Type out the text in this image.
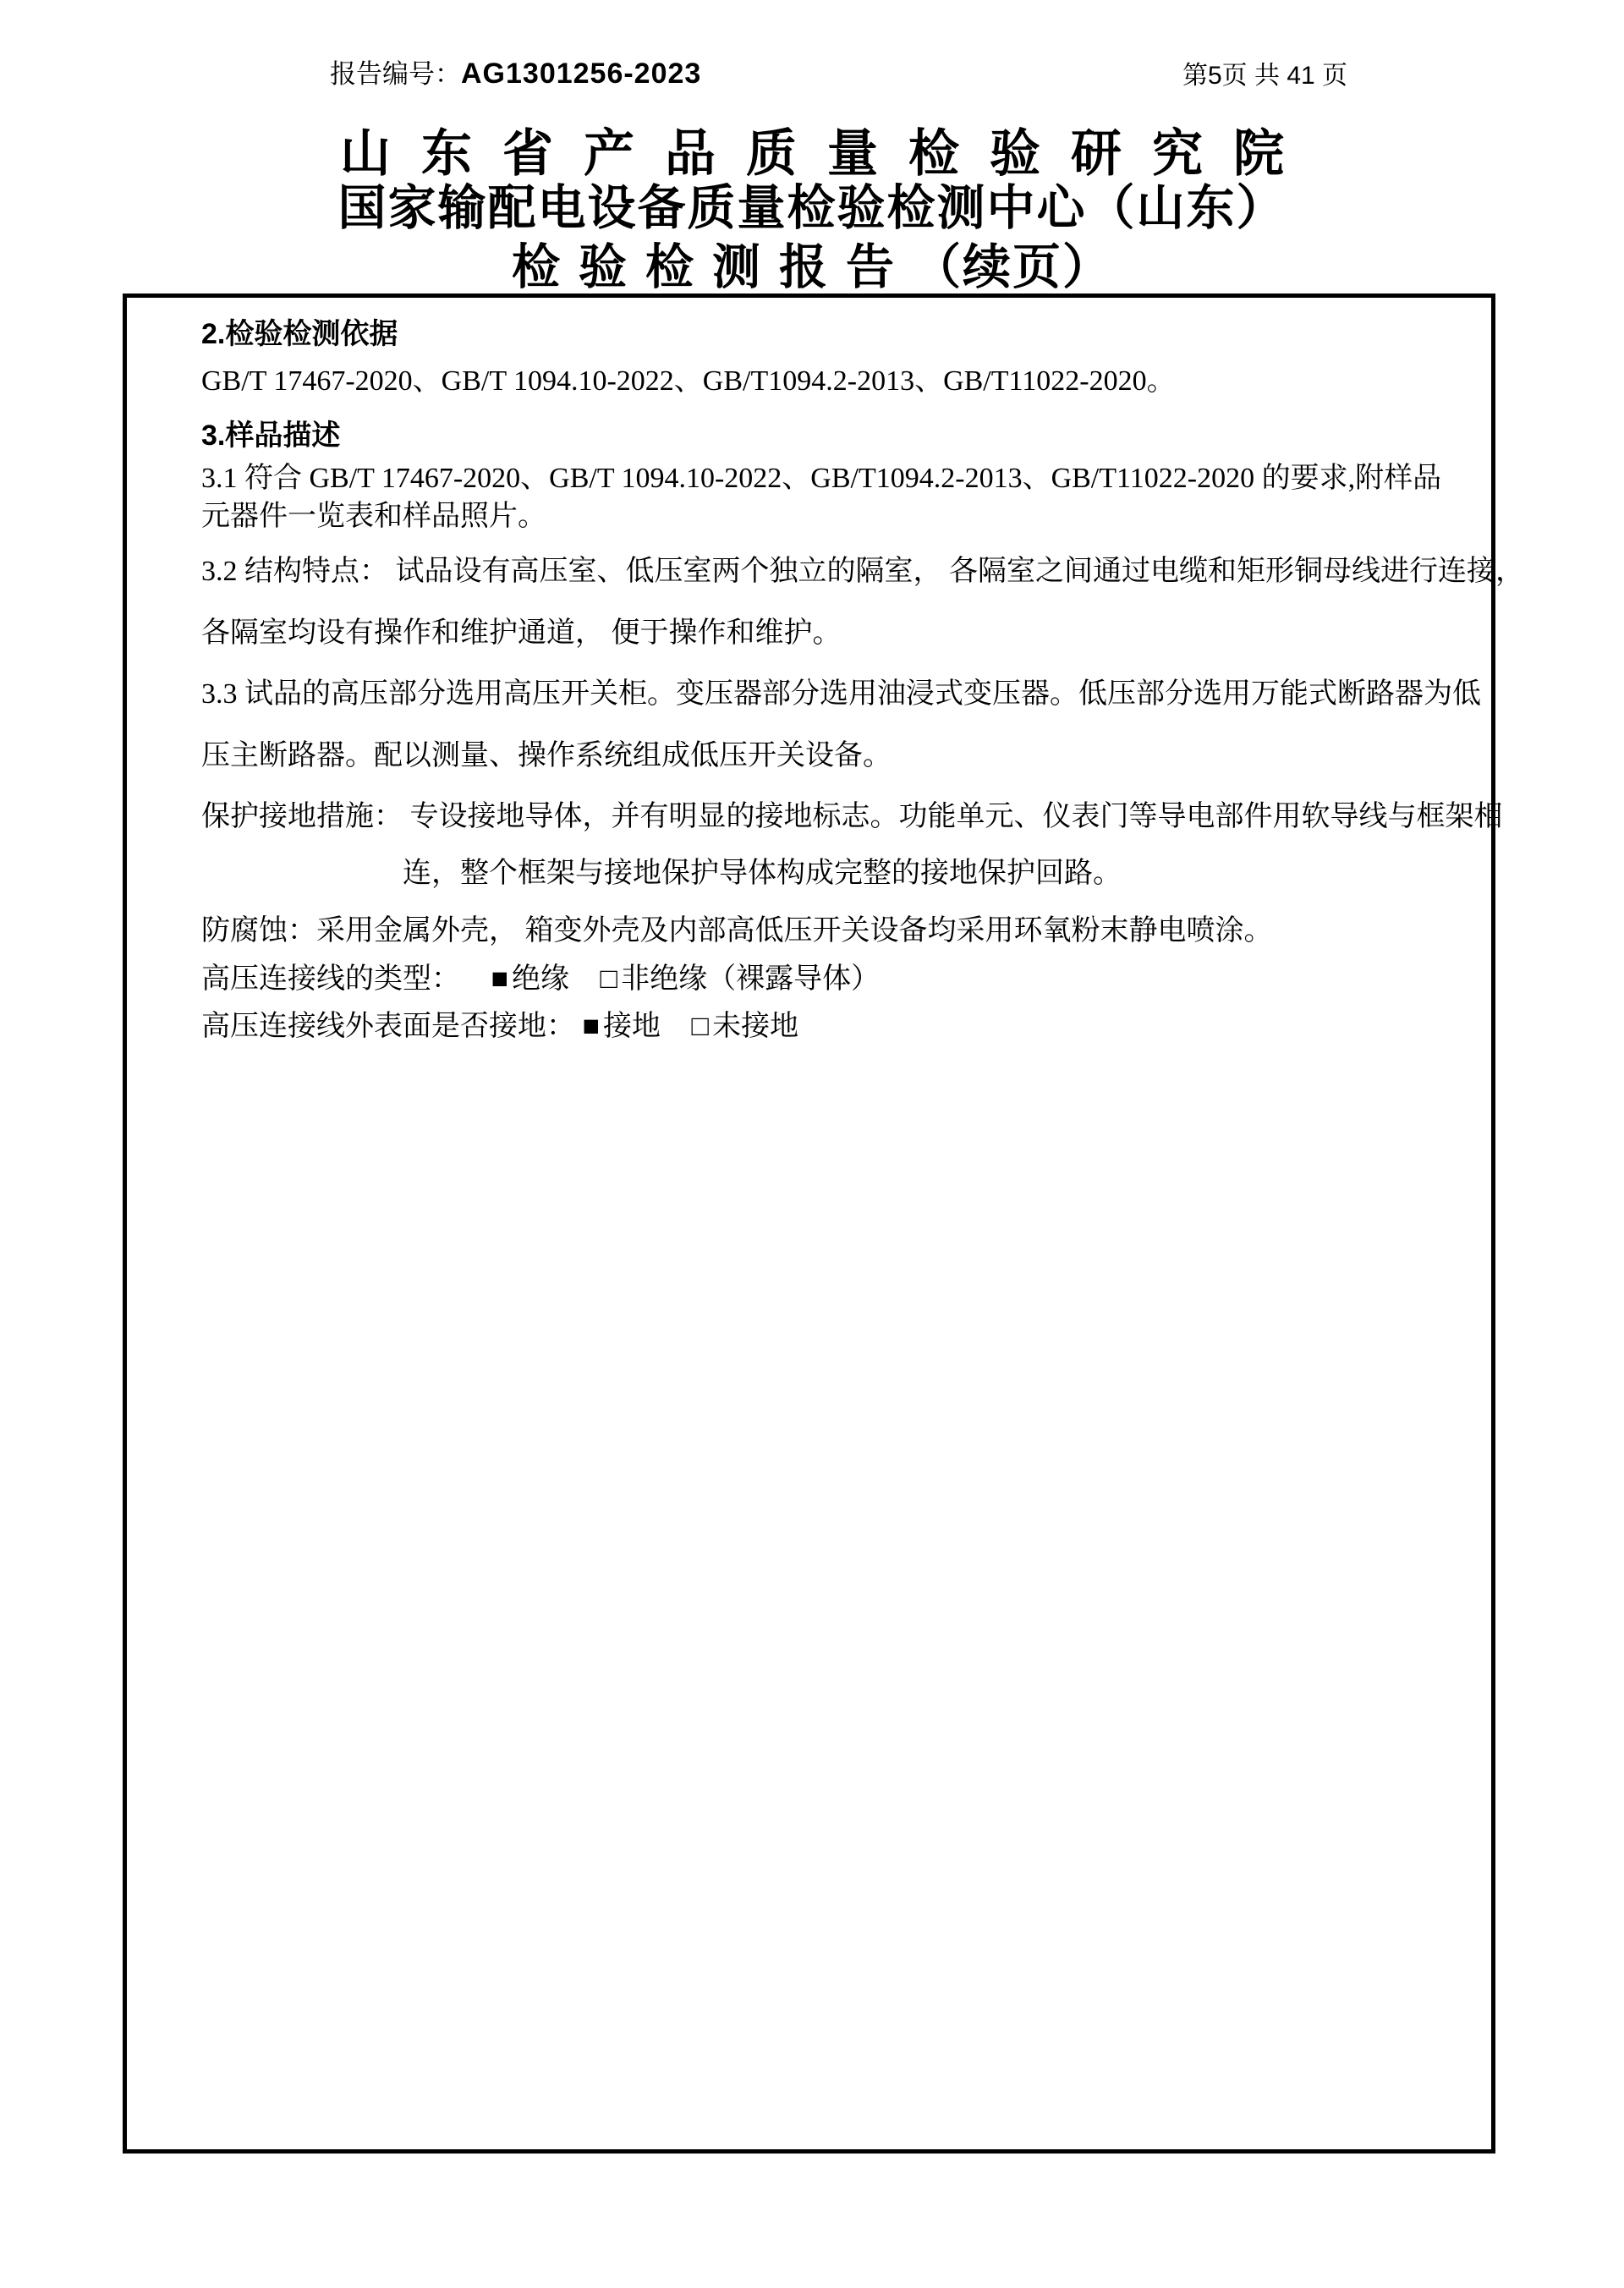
报告编号：AG1301256-2023	第5页 共 41 页
山东省产品质量检验研究院
国家输配电设备质量检验检测中心（山东）
检验检测报告（续页）
2.检验检测依据
GB/T 17467-2020、GB/T 1094.10-2022、GB/T1094.2-2013、GB/T11022-2020。
3.样品描述
3.1 符合 GB/T 17467-2020、GB/T 1094.10-2022、GB/T1094.2-2013、GB/T11022-2020 的要求,附样品
元器件一览表和样品照片。
3.2 结构特点： 试品设有高压室、低压室两个独立的隔室， 各隔室之间通过电缆和矩形铜母线进行连接，
各隔室均设有操作和维护通道， 便于操作和维护。
3.3 试品的高压部分选用高压开关柜。变压器部分选用油浸式变压器。低压部分选用万能式断路器为低
压主断路器。配以测量、操作系统组成低压开关设备。
保护接地措施： 专设接地导体，并有明显的接地标志。功能单元、仪表门等导电部件用软导线与框架相
连，整个框架与接地保护导体构成完整的接地保护回路。
防腐蚀：采用金属外壳， 箱变外壳及内部高低压开关设备均采用环氧粉末静电喷涂。
高压连接线的类型： ■ 绝缘 □ 非绝缘（裸露导体）
高压连接线外表面是否接地： ■ 接地 □ 未接地
